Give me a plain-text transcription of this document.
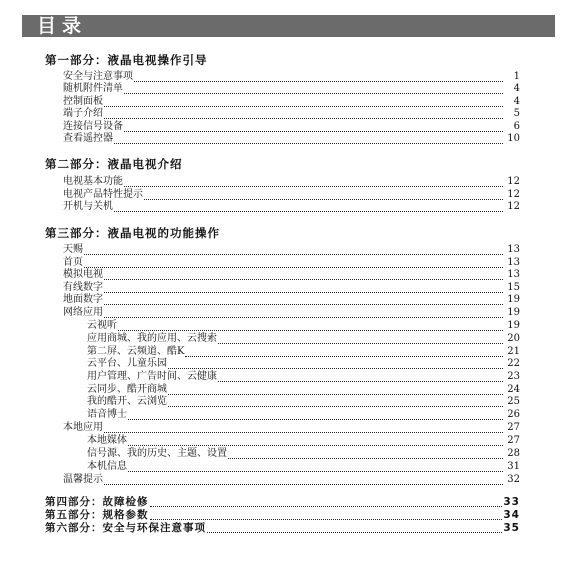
目录
第一部分：液晶电视操作引导
安全与注意事项	1
随机附件清单	4
控制面板	4
端子介绍	5
连接信号设备	6
查看遥控器	10
第二部分：液晶电视介绍
电视基本功能	12
电视产品特性提示	12
开机与关机	12
第三部分：液晶电视的功能操作
天赐	13
首页	13
模拟电视	13
有线数字	15
地面数字	19
网络应用	19
云视听	19
应用商城、我的应用、云搜索	20
第二屏、云频道、酷K	21
云平台、儿童乐园	22
用户管理、广告时间、云健康	23
云同步、酷开商城	24
我的酷开、云浏览	25
语音博士	26
本地应用	27
本地媒体	27
信号源、我的历史、主题、设置	28
本机信息	31
温馨提示	32
第四部分：故障检修	33
第五部分：规格参数	34
第六部分：安全与环保注意事项	35
